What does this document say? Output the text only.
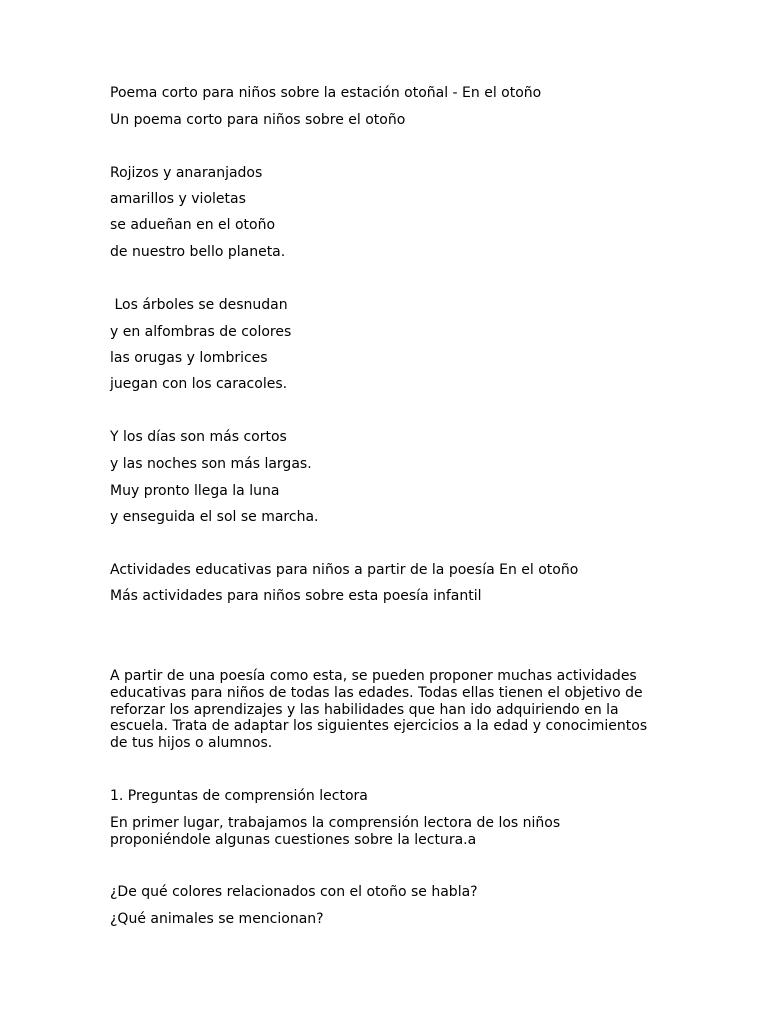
Poema corto para niños sobre la estación otoñal - En el otoño

Un poema corto para niños sobre el otoño

Rojizos y anaranjados

amarillos y violetas

se adueñan en el otoño

de nuestro bello planeta.

Los árboles se desnudan

y en alfombras de colores

las orugas y lombrices

juegan con los caracoles.

Y los días son más cortos

y las noches son más largas.

Muy pronto llega la luna

y enseguida el sol se marcha.

Actividades educativas para niños a partir de la poesía En el otoño

Más actividades para niños sobre esta poesía infantil

A partir de una poesía como esta, se pueden proponer muchas actividades educativas para niños de todas las edades. Todas ellas tienen el objetivo de reforzar los aprendizajes y las habilidades que han ido adquiriendo en la escuela. Trata de adaptar los siguientes ejercicios a la edad y conocimientos de tus hijos o alumnos.

1. Preguntas de comprensión lectora

En primer lugar, trabajamos la comprensión lectora de los niños proponiéndole algunas cuestiones sobre la lectura.a

¿De qué colores relacionados con el otoño se habla?

¿Qué animales se mencionan?
